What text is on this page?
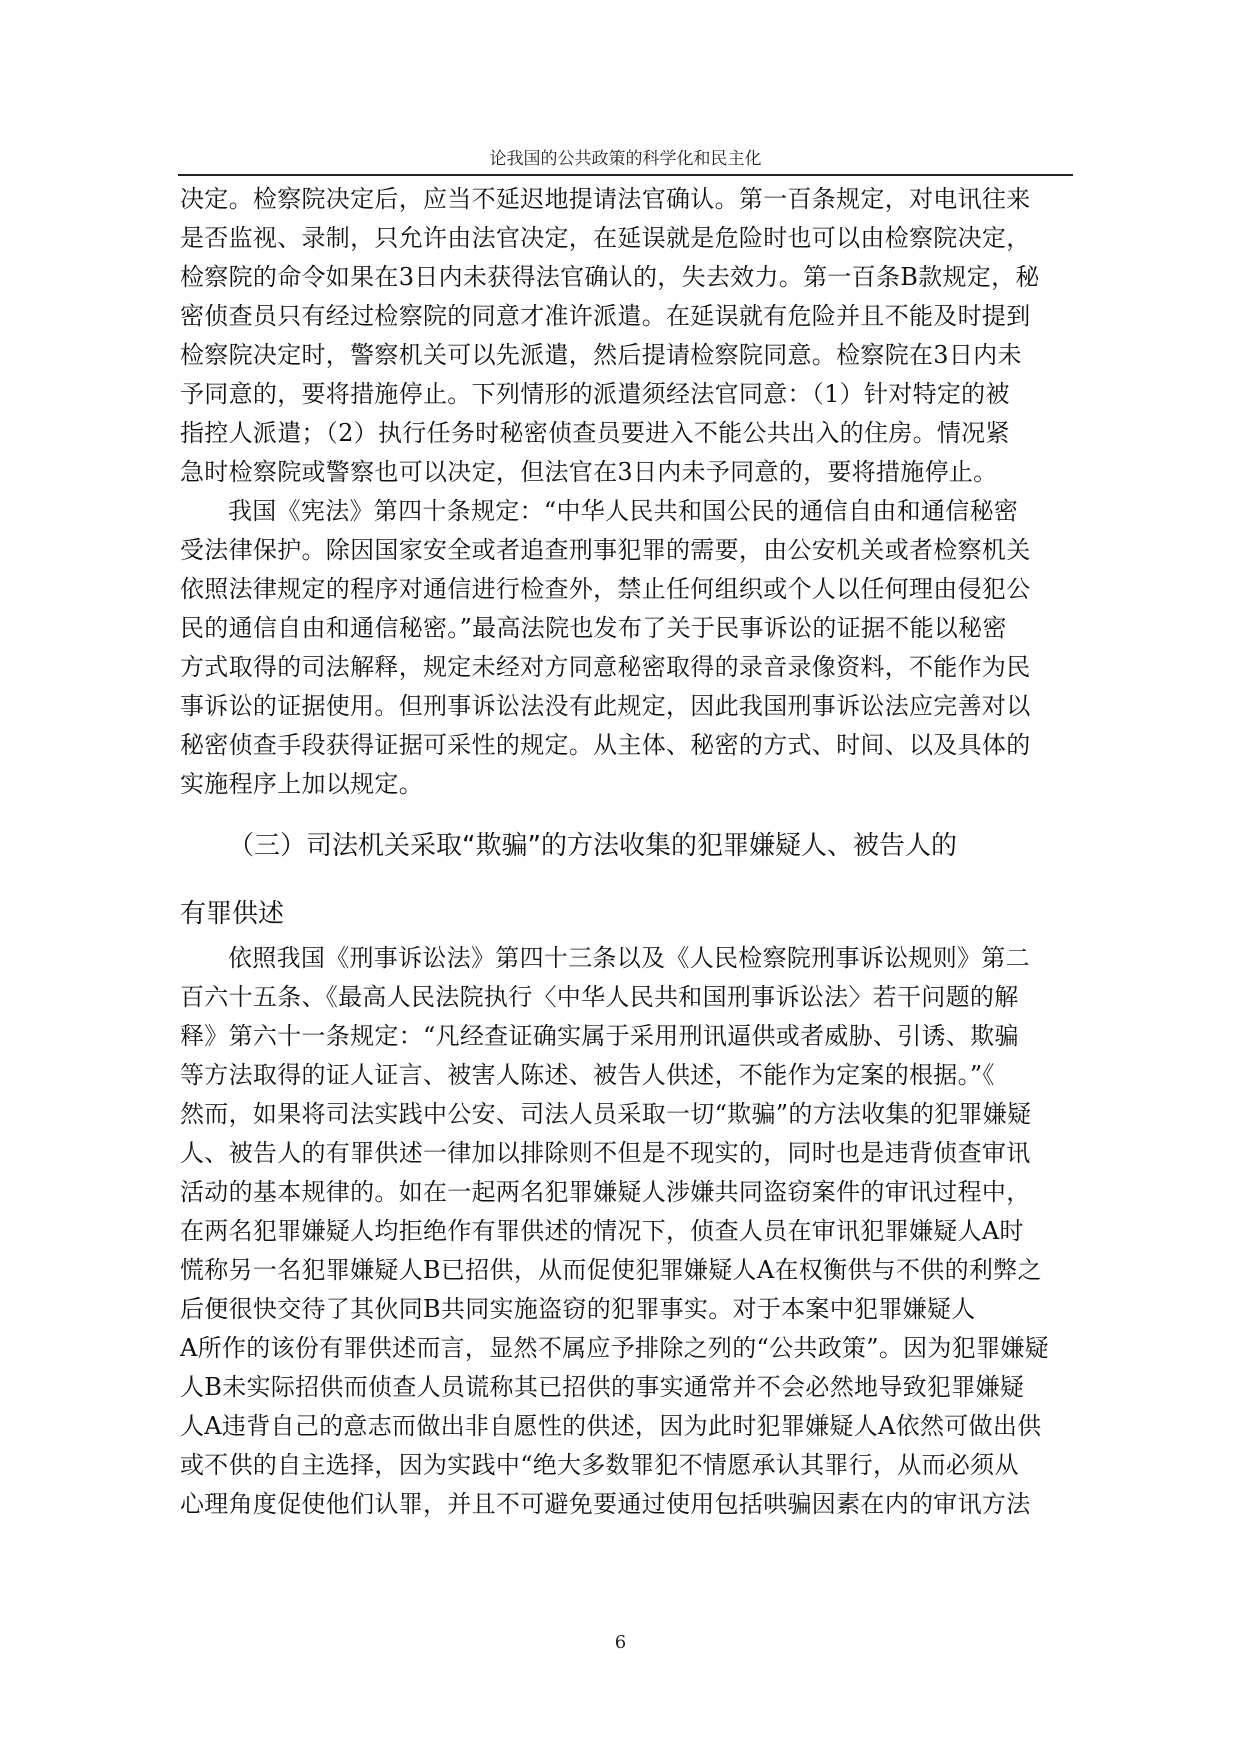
论我国的公共政策的科学化和民主化
决定。检察院决定后，应当不延迟地提请法官确认。第一百条规定，对电讯往来
是否监视、录制，只允许由法官决定，在延误就是危险时也可以由检察院决定，
检察院的命令如果在3日内未获得法官确认的，失去效力。第一百条B款规定，秘
密侦查员只有经过检察院的同意才准许派遣。在延误就有危险并且不能及时提到
检察院决定时，警察机关可以先派遣，然后提请检察院同意。检察院在3日内未
予同意的，要将措施停止。下列情形的派遣须经法官同意：（1）针对特定的被
指控人派遣；（2）执行任务时秘密侦查员要进入不能公共出入的住房。情况紧
急时检察院或警察也可以决定，但法官在3日内未予同意的，要将措施停止。
我国《宪法》第四十条规定：“中华人民共和国公民的通信自由和通信秘密
受法律保护。除因国家安全或者追查刑事犯罪的需要，由公安机关或者检察机关
依照法律规定的程序对通信进行检查外，禁止任何组织或个人以任何理由侵犯公
民的通信自由和通信秘密。”最高法院也发布了关于民事诉讼的证据不能以秘密
方式取得的司法解释，规定未经对方同意秘密取得的录音录像资料，不能作为民
事诉讼的证据使用。但刑事诉讼法没有此规定，因此我国刑事诉讼法应完善对以
秘密侦查手段获得证据可采性的规定。从主体、秘密的方式、时间、以及具体的
实施程序上加以规定。
（三）司法机关采取“欺骗”的方法收集的犯罪嫌疑人、被告人的
有罪供述
依照我国《刑事诉讼法》第四十三条以及《人民检察院刑事诉讼规则》第二
百六十五条、《最高人民法院执行〈中华人民共和国刑事诉讼法〉若干问题的解
释》第六十一条规定：“凡经查证确实属于采用刑讯逼供或者威胁、引诱、欺骗
等方法取得的证人证言、被害人陈述、被告人供述，不能作为定案的根据。”《
然而，如果将司法实践中公安、司法人员采取一切“欺骗”的方法收集的犯罪嫌疑
人、被告人的有罪供述一律加以排除则不但是不现实的，同时也是违背侦查审讯
活动的基本规律的。如在一起两名犯罪嫌疑人涉嫌共同盗窃案件的审讯过程中，
在两名犯罪嫌疑人均拒绝作有罪供述的情况下，侦查人员在审讯犯罪嫌疑人A时
慌称另一名犯罪嫌疑人B已招供，从而促使犯罪嫌疑人A在权衡供与不供的利弊之
后便很快交待了其伙同B共同实施盗窃的犯罪事实。对于本案中犯罪嫌疑人
A所作的该份有罪供述而言，显然不属应予排除之列的“公共政策”。因为犯罪嫌疑
人B未实际招供而侦查人员谎称其已招供的事实通常并不会必然地导致犯罪嫌疑
人A违背自己的意志而做出非自愿性的供述，因为此时犯罪嫌疑人A依然可做出供
或不供的自主选择，因为实践中“绝大多数罪犯不情愿承认其罪行，从而必须从
心理角度促使他们认罪，并且不可避免要通过使用包括哄骗因素在内的审讯方法
6
